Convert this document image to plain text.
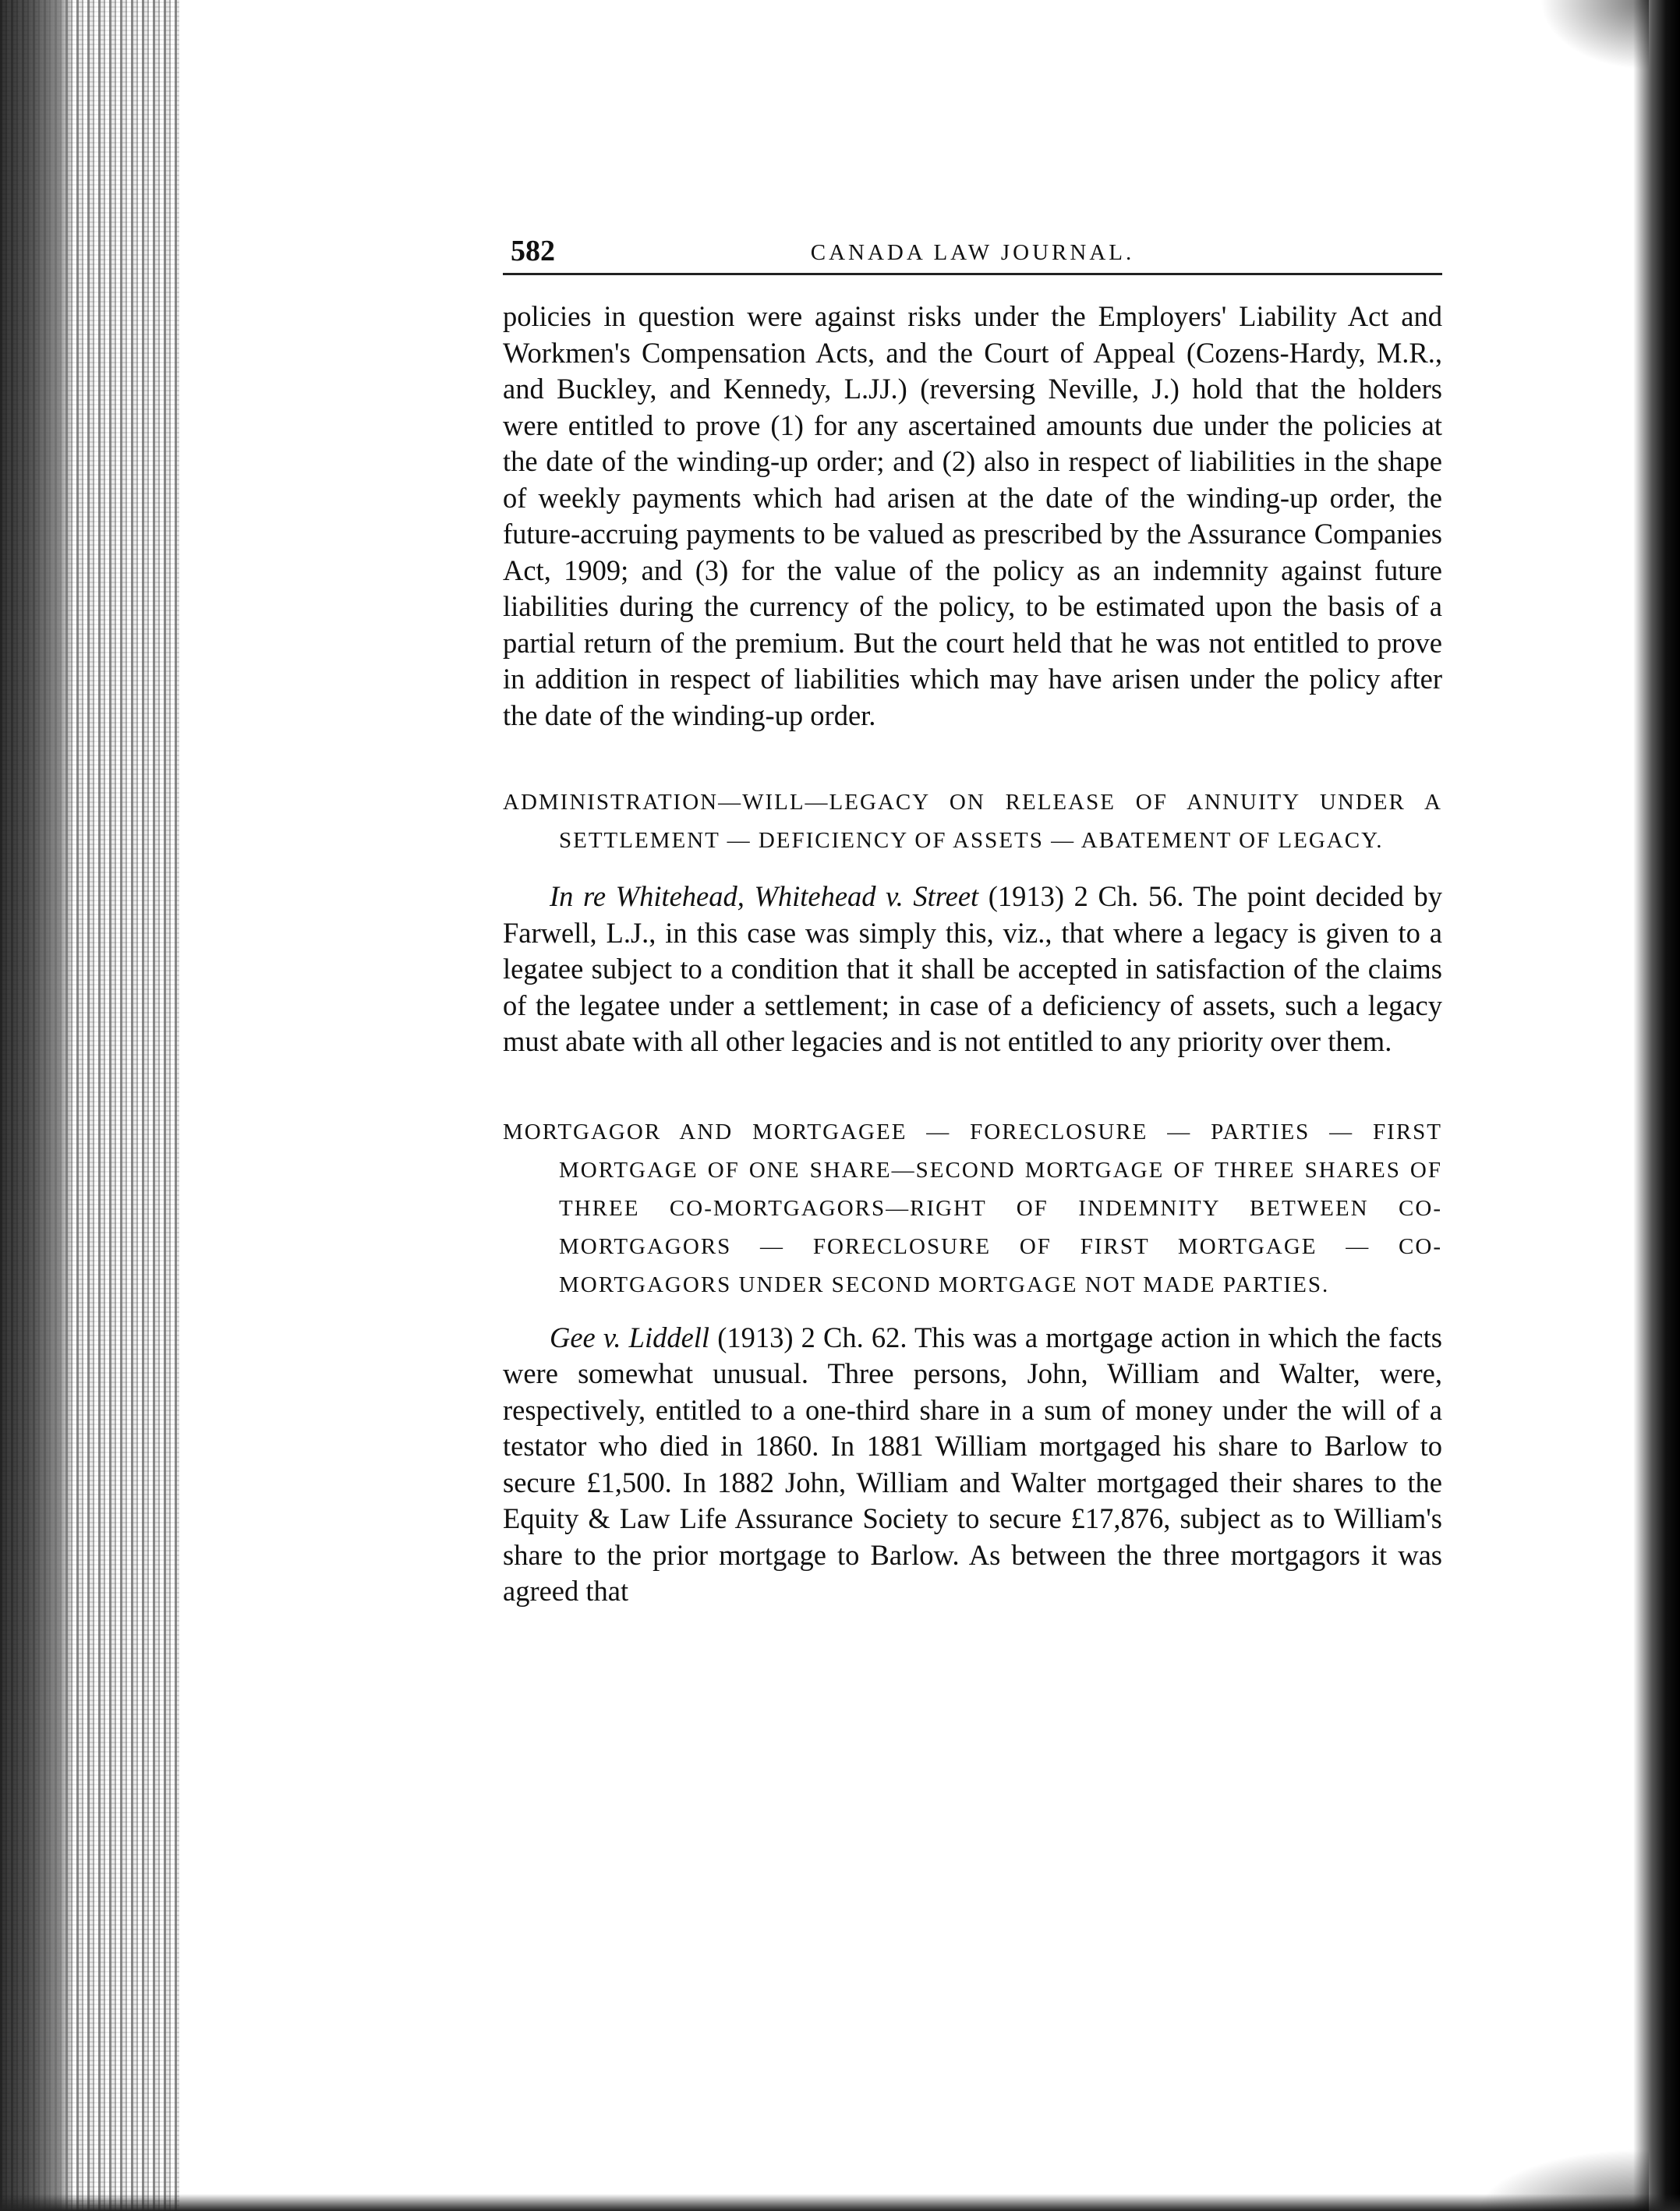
582	CANADA LAW JOURNAL.

policies in question were against risks under the Employers' Liability Act and Workmen's Compensation Acts, and the Court of Appeal (Cozens-Hardy, M.R., and Buckley, and Kennedy, L.JJ.) (reversing Neville, J.) hold that the holders were entitled to prove (1) for any ascertained amounts due under the policies at the date of the winding-up order; and (2) also in respect of liabilities in the shape of weekly payments which had arisen at the date of the winding-up order, the future-accruing payments to be valued as prescribed by the Assurance Companies Act, 1909; and (3) for the value of the policy as an indemnity against future liabilities during the currency of the policy, to be estimated upon the basis of a partial return of the premium. But the court held that he was not entitled to prove in addition in respect of liabilities which may have arisen under the policy after the date of the winding-up order.

ADMINISTRATION—WILL—LEGACY ON RELEASE OF ANNUITY UNDER A SETTLEMENT — DEFICIENCY OF ASSETS — ABATEMENT OF LEGACY.

In re Whitehead, Whitehead v. Street (1913) 2 Ch. 56. The point decided by Farwell, L.J., in this case was simply this, viz., that where a legacy is given to a legatee subject to a condition that it shall be accepted in satisfaction of the claims of the legatee under a settlement; in case of a deficiency of assets, such a legacy must abate with all other legacies and is not entitled to any priority over them.

MORTGAGOR AND MORTGAGEE — FORECLOSURE — PARTIES — FIRST MORTGAGE OF ONE SHARE—SECOND MORTGAGE OF THREE SHARES OF THREE CO-MORTGAGORS—RIGHT OF INDEMNITY BETWEEN CO-MORTGAGORS — FORECLOSURE OF FIRST MORTGAGE — CO-MORTGAGORS UNDER SECOND MORTGAGE NOT MADE PARTIES.

Gee v. Liddell (1913) 2 Ch. 62. This was a mortgage action in which the facts were somewhat unusual. Three persons, John, William and Walter, were, respectively, entitled to a one-third share in a sum of money under the will of a testator who died in 1860. In 1881 William mortgaged his share to Barlow to secure £1,500. In 1882 John, William and Walter mortgaged their shares to the Equity & Law Life Assurance Society to secure £17,876, subject as to William's share to the prior mortgage to Barlow. As between the three mortgagors it was agreed that
